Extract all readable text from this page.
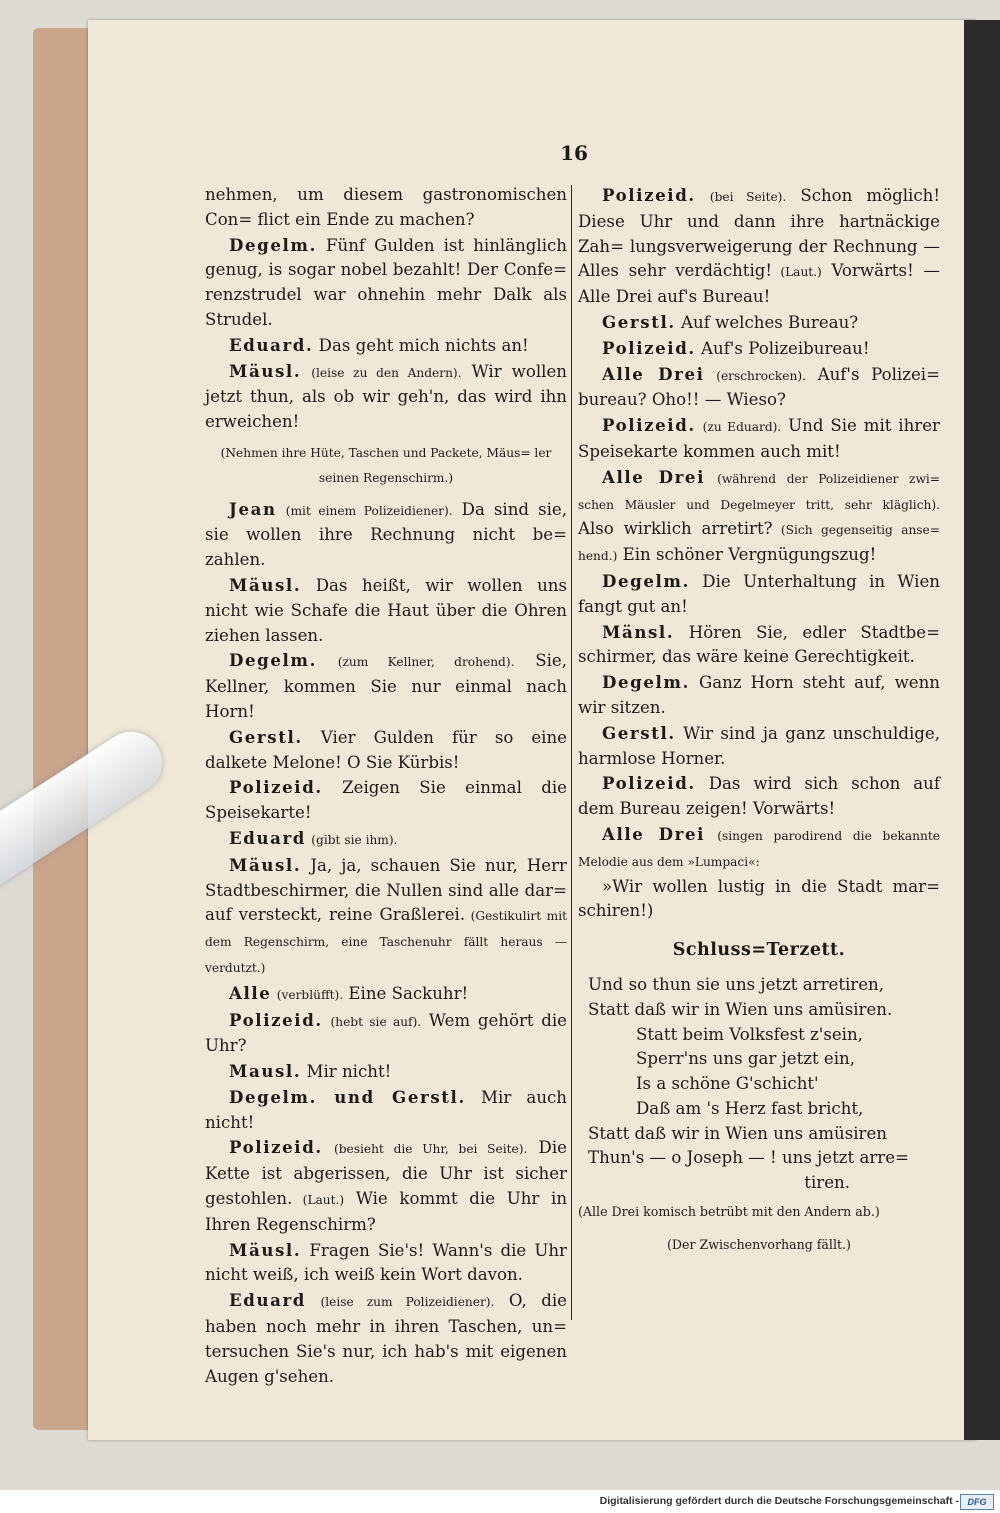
16

nehmen, um diesem gastronomischen Con= flict ein Ende zu machen?

Degelm. Fünf Gulden ist hinlänglich genug, is sogar nobel bezahlt! Der Confe= renzstrudel war ohnehin mehr Dalk als Strudel.

Eduard. Das geht mich nichts an!

Mäusl. (leise zu den Andern). Wir wollen jetzt thun, als ob wir geh'n, das wird ihn erweichen!

(Nehmen ihre Hüte, Taschen und Packete, Mäus= ler seinen Regenschirm.)

Jean (mit einem Polizeidiener). Da sind sie, sie wollen ihre Rechnung nicht be= zahlen.

Mäusl. Das heißt, wir wollen uns nicht wie Schafe die Haut über die Ohren ziehen lassen.

Degelm. (zum Kellner, drohend). Sie, Kellner, kommen Sie nur einmal nach Horn!

Gerstl. Vier Gulden für so eine dalkete Melone! O Sie Kürbis!

Polizeid. Zeigen Sie einmal die Speisekarte!

Eduard (gibt sie ihm).

Mäusl. Ja, ja, schauen Sie nur, Herr Stadtbeschirmer, die Nullen sind alle dar= auf versteckt, reine Graßlerei. (Gestikulirt mit dem Regenschirm, eine Taschenuhr fällt heraus — verdutzt.)

Alle (verblüfft). Eine Sackuhr!

Polizeid. (hebt sie auf). Wem gehört die Uhr?

Mausl. Mir nicht!

Degelm. und Gerstl. Mir auch nicht!

Polizeid. (besieht die Uhr, bei Seite). Die Kette ist abgerissen, die Uhr ist sicher gestohlen. (Laut.) Wie kommt die Uhr in Ihren Regenschirm?

Mäusl. Fragen Sie's! Wann's die Uhr nicht weiß, ich weiß kein Wort davon.

Eduard (leise zum Polizeidiener). O, die haben noch mehr in ihren Taschen, un= tersuchen Sie's nur, ich hab's mit eigenen Augen g'sehen.

Polizeid. (bei Seite). Schon möglich! Diese Uhr und dann ihre hartnäckige Zah= lungsverweigerung der Rechnung — Alles sehr verdächtig! (Laut.) Vorwärts! — Alle Drei auf's Bureau!

Gerstl. Auf welches Bureau?

Polizeid. Auf's Polizeibureau!

Alle Drei (erschrocken). Auf's Polizei= bureau? Oho!! — Wieso?

Polizeid. (zu Eduard). Und Sie mit ihrer Speisekarte kommen auch mit!

Alle Drei (während der Polizeidiener zwi= schen Mäusler und Degelmeyer tritt, sehr kläglich). Also wirklich arretirt? (Sich gegenseitig anse= hend.) Ein schöner Vergnügungszug!

Degelm. Die Unterhaltung in Wien fangt gut an!

Mänsl. Hören Sie, edler Stadtbe= schirmer, das wäre keine Gerechtigkeit.

Degelm. Ganz Horn steht auf, wenn wir sitzen.

Gerstl. Wir sind ja ganz unschuldige, harmlose Horner.

Polizeid. Das wird sich schon auf dem Bureau zeigen! Vorwärts!

Alle Drei (singen parodirend die bekannte Melodie aus dem »Lumpaci«:

»Wir wollen lustig in die Stadt mar= schiren!)

Schluss=Terzett.

Und so thun sie uns jetzt arretiren,

Statt daß wir in Wien uns amüsiren.

Statt beim Volksfest z'sein,

Sperr'ns uns gar jetzt ein,

Is a schöne G'schicht'

Daß am 's Herz fast bricht,

Statt daß wir in Wien uns amüsiren

Thun's — o Joseph — ! uns jetzt arre=

tiren.

(Alle Drei komisch betrübt mit den Andern ab.)

(Der Zwischenvorhang fällt.)

Digitalisierung gefördert durch die Deutsche Forschungsgemeinschaft - DFG
